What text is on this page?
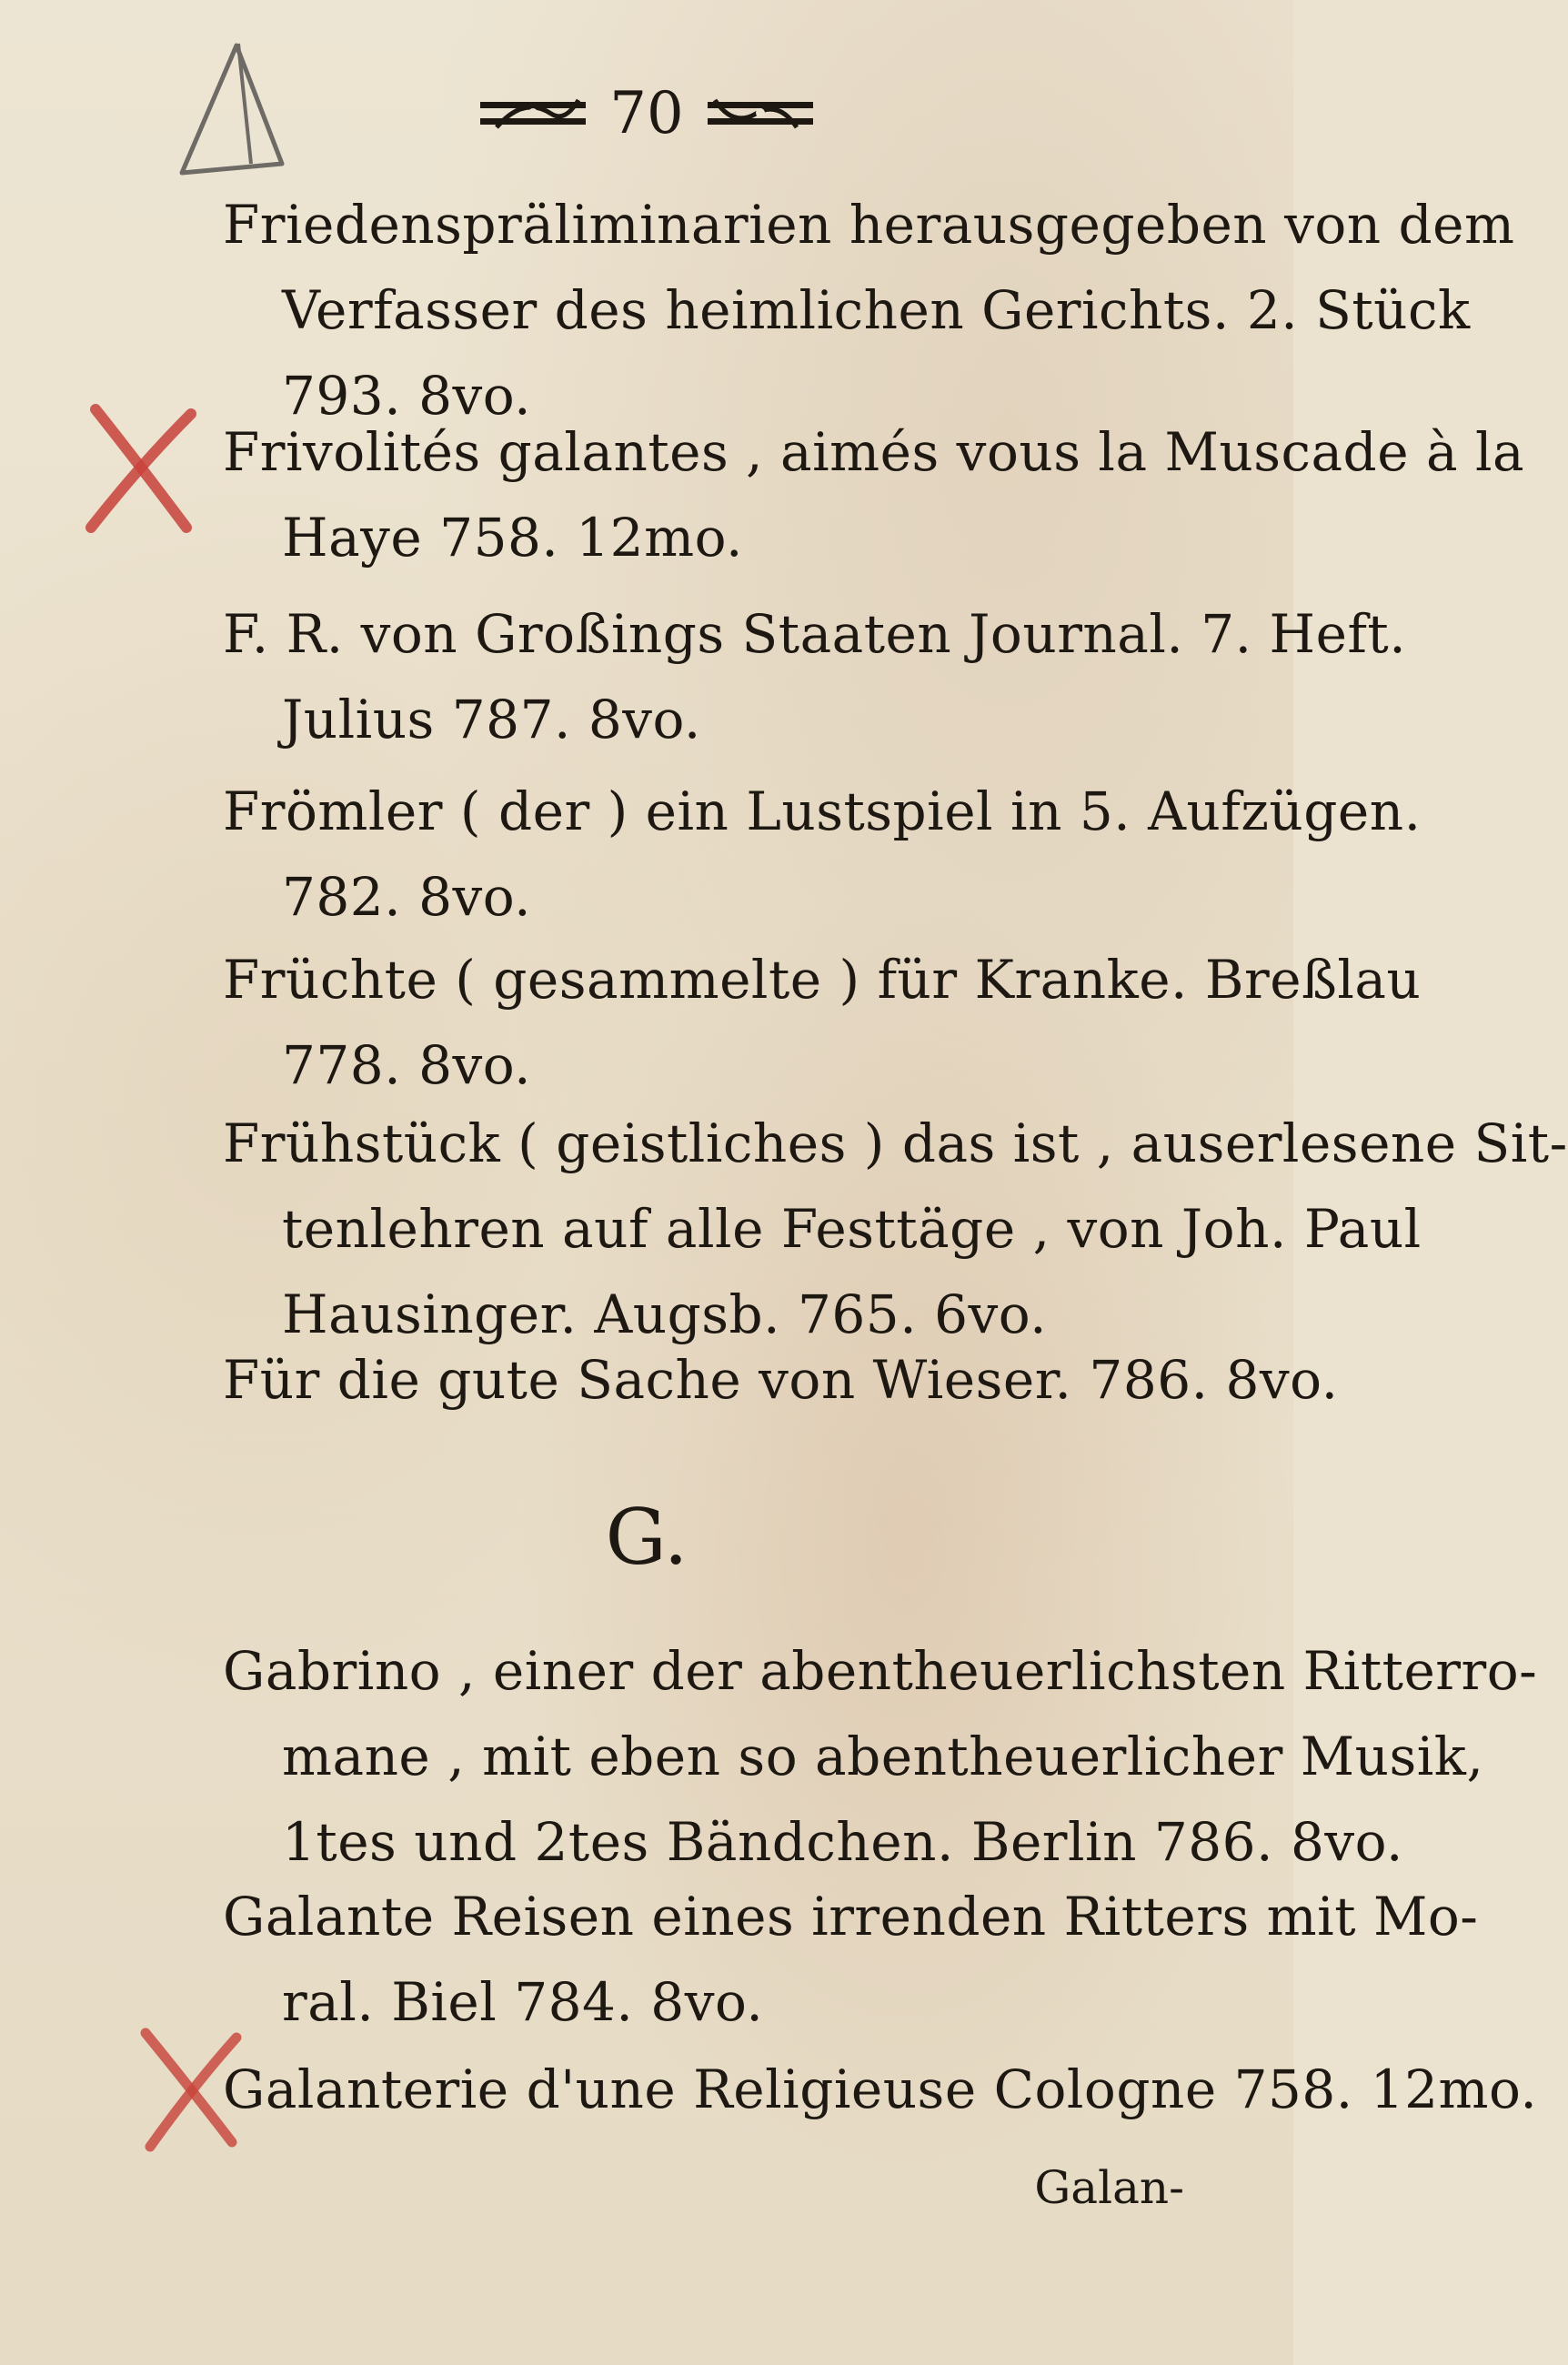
70
Friedenspräliminarien herausgegeben von dem
Verfasser des heimlichen Gerichts. 2. Stück
793. 8vo.
Frivolités galantes , aimés vous la Muscade à la
Haye 758. 12mo.
F. R. von Großings Staaten Journal. 7. Heft.
Julius 787. 8vo.
Frömler ( der ) ein Lustspiel in 5. Aufzügen.
782. 8vo.
Früchte ( gesammelte ) für Kranke. Breßlau
778. 8vo.
Frühstück ( geistliches ) das ist , auserlesene Sit-
tenlehren auf alle Festtäge , von Joh. Paul
Hausinger. Augsb. 765. 6vo.
Für die gute Sache von Wieser. 786. 8vo.
G.
Gabrino , einer der abentheuerlichsten Ritterro-
mane , mit eben so abentheuerlicher Musik,
1tes und 2tes Bändchen. Berlin 786. 8vo.
Galante Reisen eines irrenden Ritters mit Mo-
ral. Biel 784. 8vo.
Galanterie d'une Religieuse Cologne 758. 12mo.
Galan-
